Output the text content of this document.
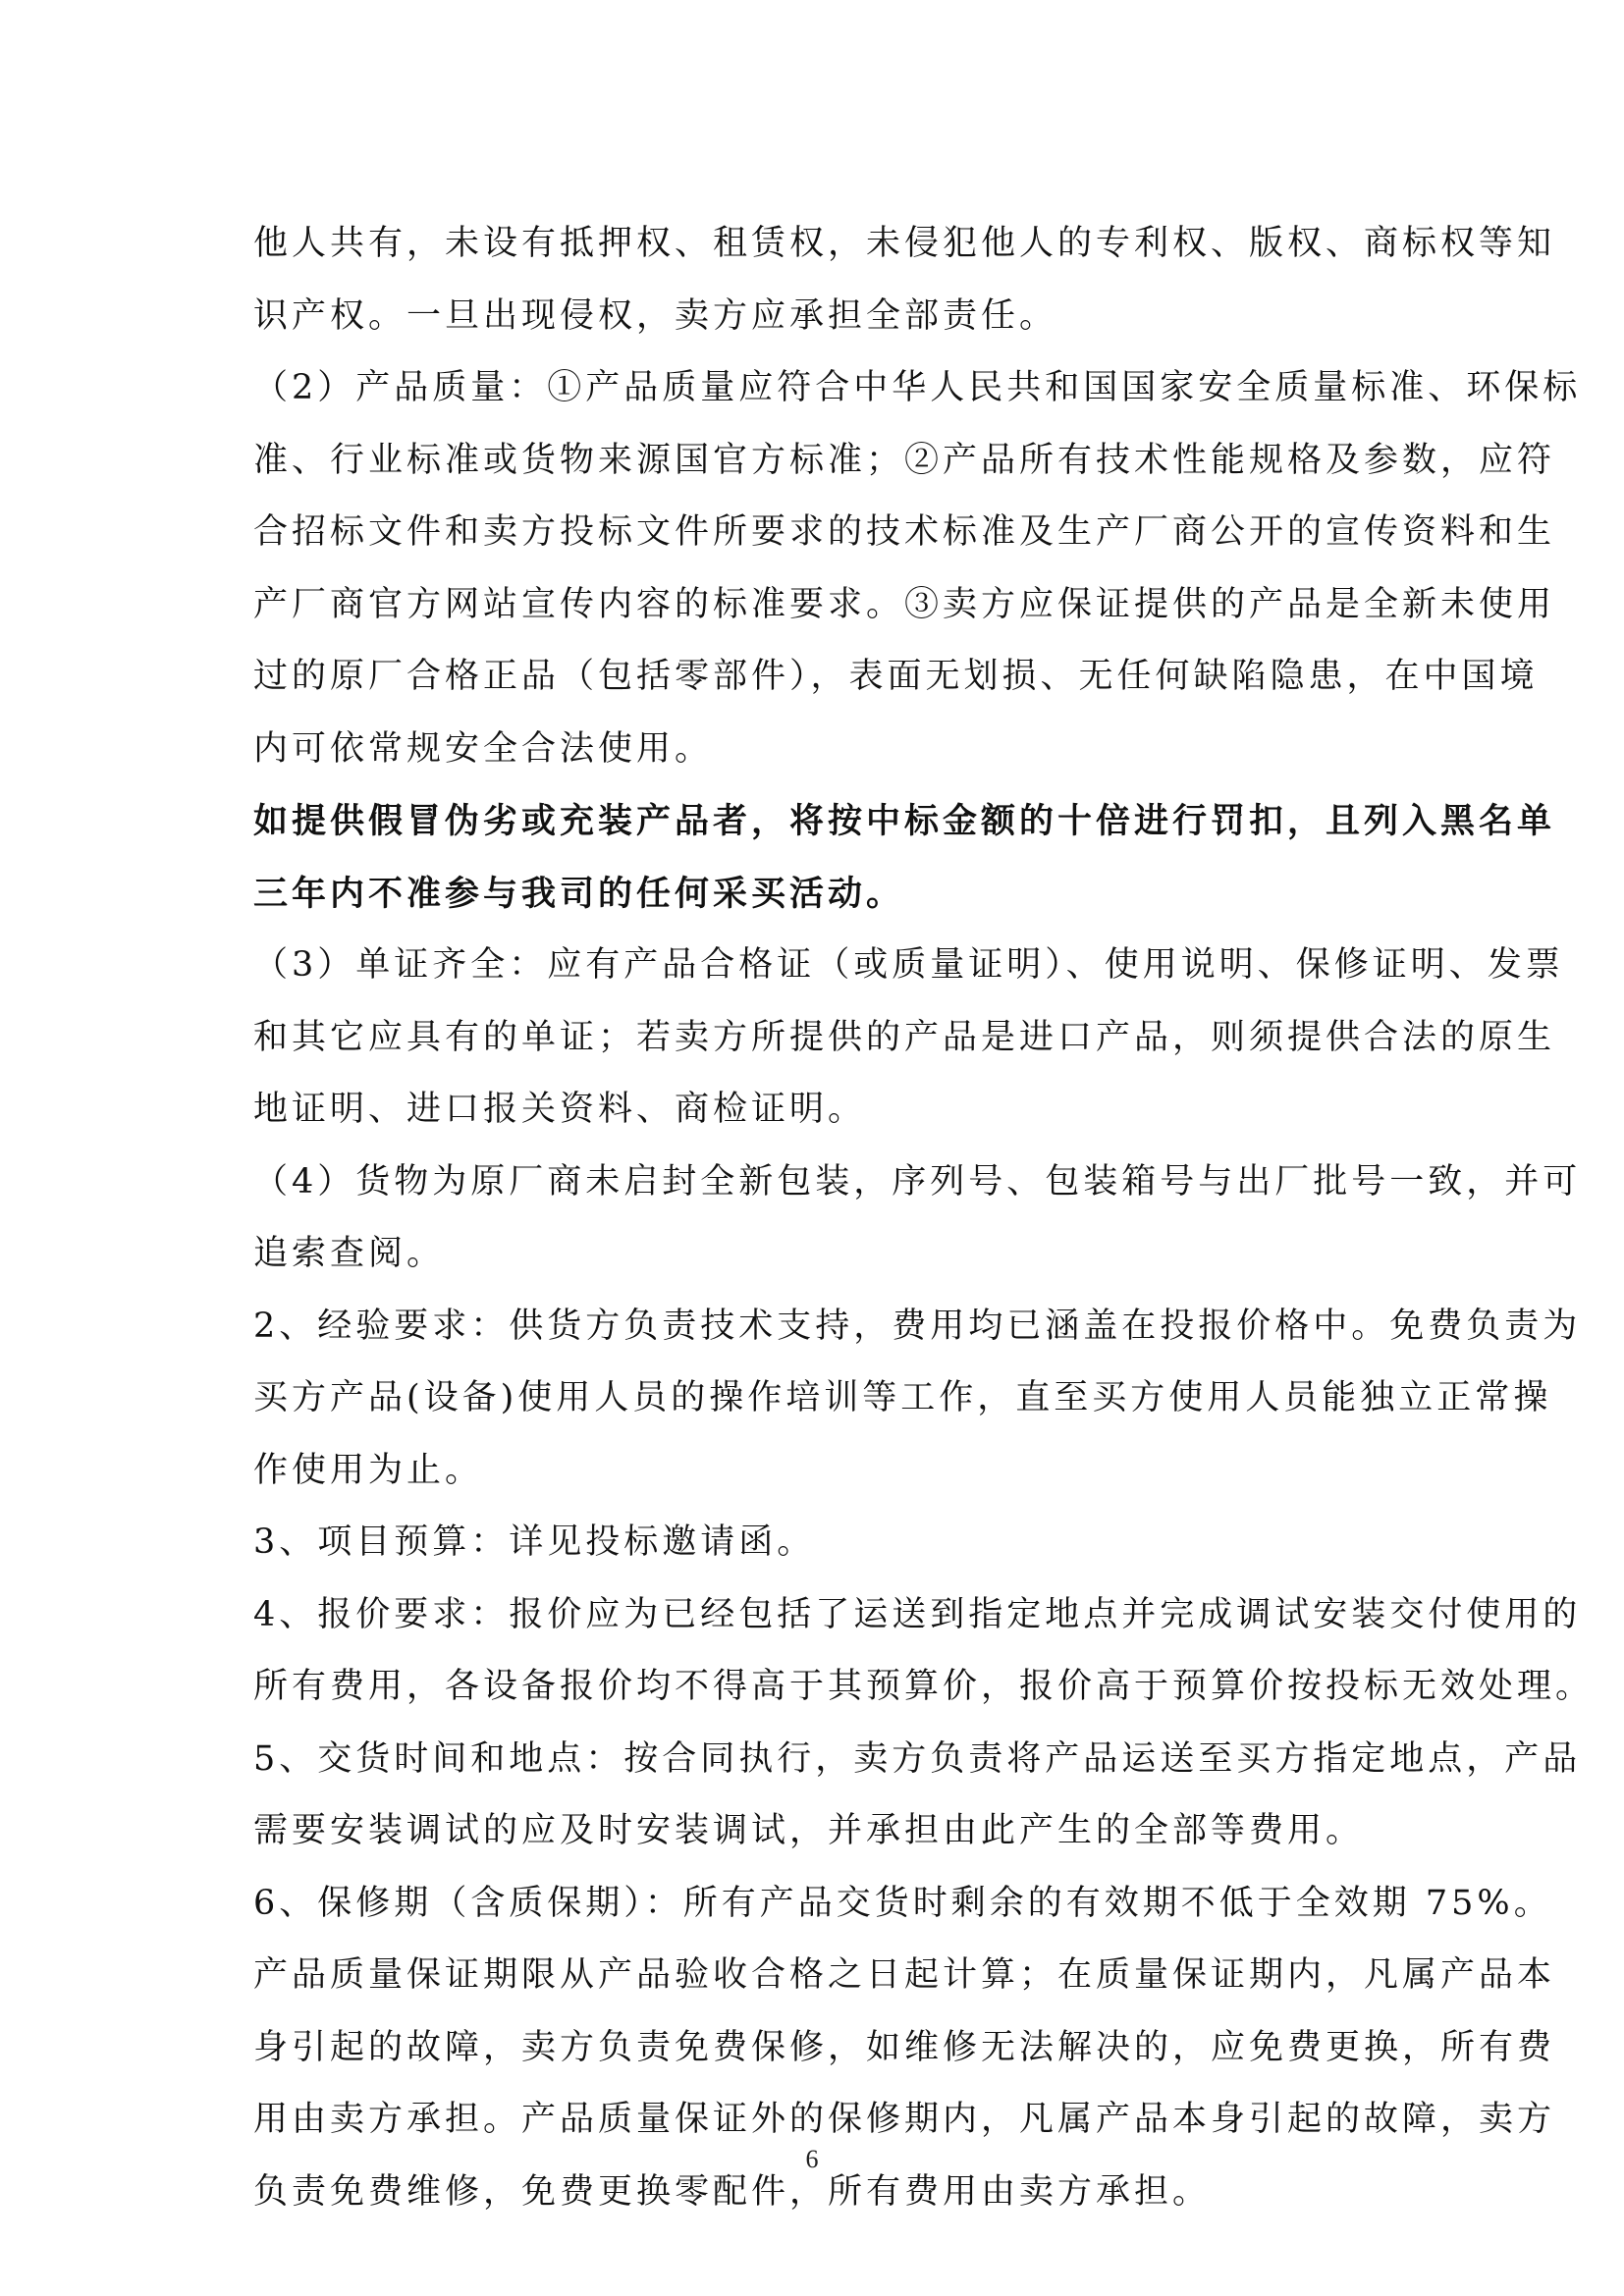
他人共有，未设有抵押权、租赁权，未侵犯他人的专利权、版权、商标权等知
识产权。一旦出现侵权，卖方应承担全部责任。
（2）产品质量：①产品质量应符合中华人民共和国国家安全质量标准、环保标
准、行业标准或货物来源国官方标准；②产品所有技术性能规格及参数，应符
合招标文件和卖方投标文件所要求的技术标准及生产厂商公开的宣传资料和生
产厂商官方网站宣传内容的标准要求。③卖方应保证提供的产品是全新未使用
过的原厂合格正品（包括零部件），表面无划损、无任何缺陷隐患，在中国境
内可依常规安全合法使用。
如提供假冒伪劣或充装产品者，将按中标金额的十倍进行罚扣，且列入黑名单
三年内不准参与我司的任何采买活动。
（3）单证齐全：应有产品合格证（或质量证明）、使用说明、保修证明、发票
和其它应具有的单证；若卖方所提供的产品是进口产品，则须提供合法的原生
地证明、进口报关资料、商检证明。
（4）货物为原厂商未启封全新包装，序列号、包装箱号与出厂批号一致，并可
追索查阅。
2、经验要求：供货方负责技术支持，费用均已涵盖在投报价格中。免费负责为
买方产品(设备)使用人员的操作培训等工作，直至买方使用人员能独立正常操
作使用为止。
3、项目预算：详见投标邀请函。
4、报价要求：报价应为已经包括了运送到指定地点并完成调试安装交付使用的
所有费用，各设备报价均不得高于其预算价，报价高于预算价按投标无效处理。
5、交货时间和地点：按合同执行，卖方负责将产品运送至买方指定地点，产品
需要安装调试的应及时安装调试，并承担由此产生的全部等费用。
6、保修期（含质保期）：所有产品交货时剩余的有效期不低于全效期 75%。
产品质量保证期限从产品验收合格之日起计算；在质量保证期内，凡属产品本
身引起的故障，卖方负责免费保修，如维修无法解决的，应免费更换，所有费
用由卖方承担。产品质量保证外的保修期内，凡属产品本身引起的故障，卖方
负责免费维修，免费更换零配件，所有费用由卖方承担。
6
